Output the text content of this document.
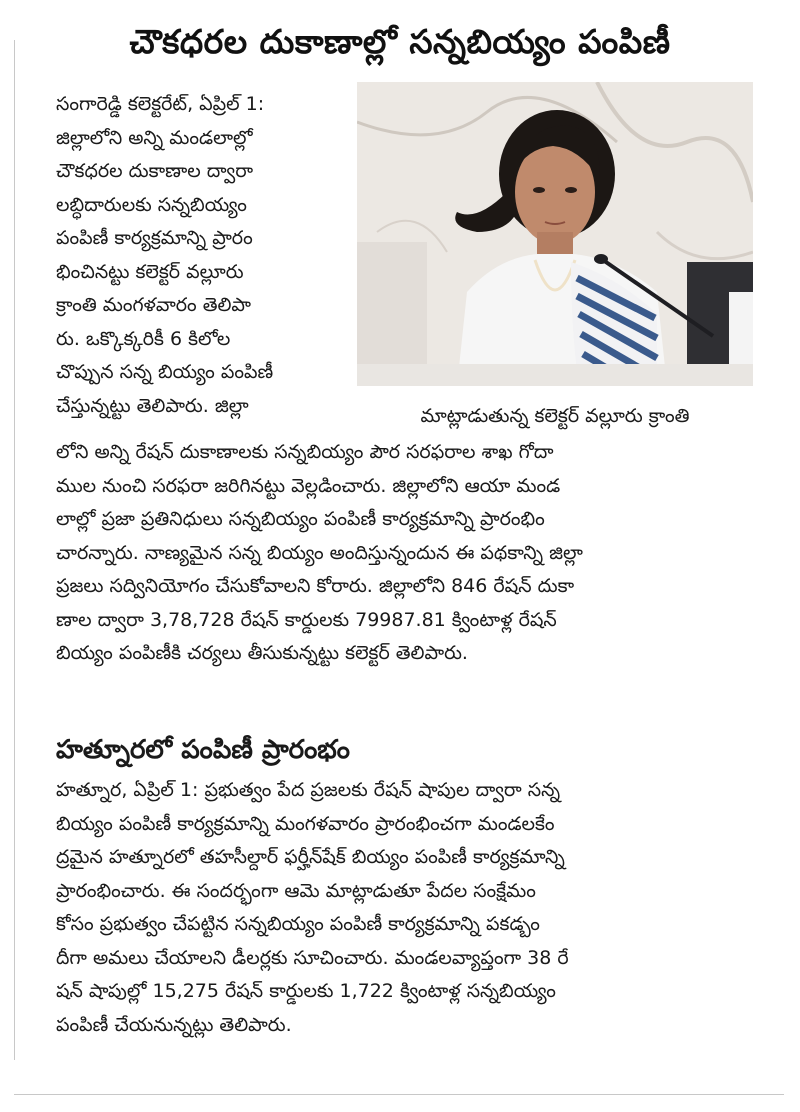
చౌకధరల దుకాణాల్లో సన్నబియ్యం పంపిణీ

సంగారెడ్డి కలెక్టరేట్, ఏప్రిల్ 1:
జిల్లాలోని అన్ని మండలాల్లో
చౌకధరల దుకాణాల ద్వారా
లబ్ధిదారులకు సన్నబియ్యం
పంపిణీ కార్యక్రమాన్ని ప్రారం
భించినట్టు కలెక్టర్ వల్లూరు
క్రాంతి మంగళవారం తెలిపా
రు. ఒక్కొక్కరికీ 6 కిలోల
చొప్పున సన్న బియ్యం పంపిణీ
చేస్తున్నట్టు తెలిపారు. జిల్లా	మాట్లాడుతున్న కలెక్టర్ వల్లూరు క్రాంతి

లోని అన్ని రేషన్ దుకాణాలకు సన్నబియ్యం పౌర సరఫరాల శాఖ గోదా
ముల నుంచి సరఫరా జరిగినట్టు వెల్లడించారు. జిల్లాలోని ఆయా మండ
లాల్లో ప్రజా ప్రతినిధులు సన్నబియ్యం పంపిణీ కార్యక్రమాన్ని ప్రారంభిం
చారన్నారు. నాణ్యమైన సన్న బియ్యం అందిస్తున్నందున ఈ పథకాన్ని జిల్లా
ప్రజలు సద్వినియోగం చేసుకోవాలని కోరారు. జిల్లాలోని 846 రేషన్ దుకా
ణాల ద్వారా 3,78,728 రేషన్ కార్డులకు 79987.81 క్వింటాళ్ల రేషన్
బియ్యం పంపిణీకి చర్యలు తీసుకున్నట్టు కలెక్టర్ తెలిపారు.

హత్నూరలో పంపిణీ ప్రారంభం

హత్నూర, ఏప్రిల్ 1: ప్రభుత్వం పేద ప్రజలకు రేషన్ షాపుల ద్వారా సన్న
బియ్యం పంపిణీ కార్యక్రమాన్ని మంగళవారం ప్రారంభించగా మండలకేం
ద్రమైన హత్నూరలో తహసీల్దార్ ఫర్హీన్‌షేక్ బియ్యం పంపిణీ కార్యక్రమాన్ని
ప్రారంభించారు. ఈ సందర్భంగా ఆమె మాట్లాడుతూ పేదల సంక్షేమం
కోసం ప్రభుత్వం చేపట్టిన సన్నబియ్యం పంపిణీ కార్యక్రమాన్ని పకడ్బం
దీగా అమలు చేయాలని డీలర్లకు సూచించారు. మండలవ్యాప్తంగా 38 రే
షన్ షాపుల్లో 15,275 రేషన్ కార్డులకు 1,722 క్వింటాళ్ల సన్నబియ్యం
పంపిణీ చేయనున్నట్లు తెలిపారు.
